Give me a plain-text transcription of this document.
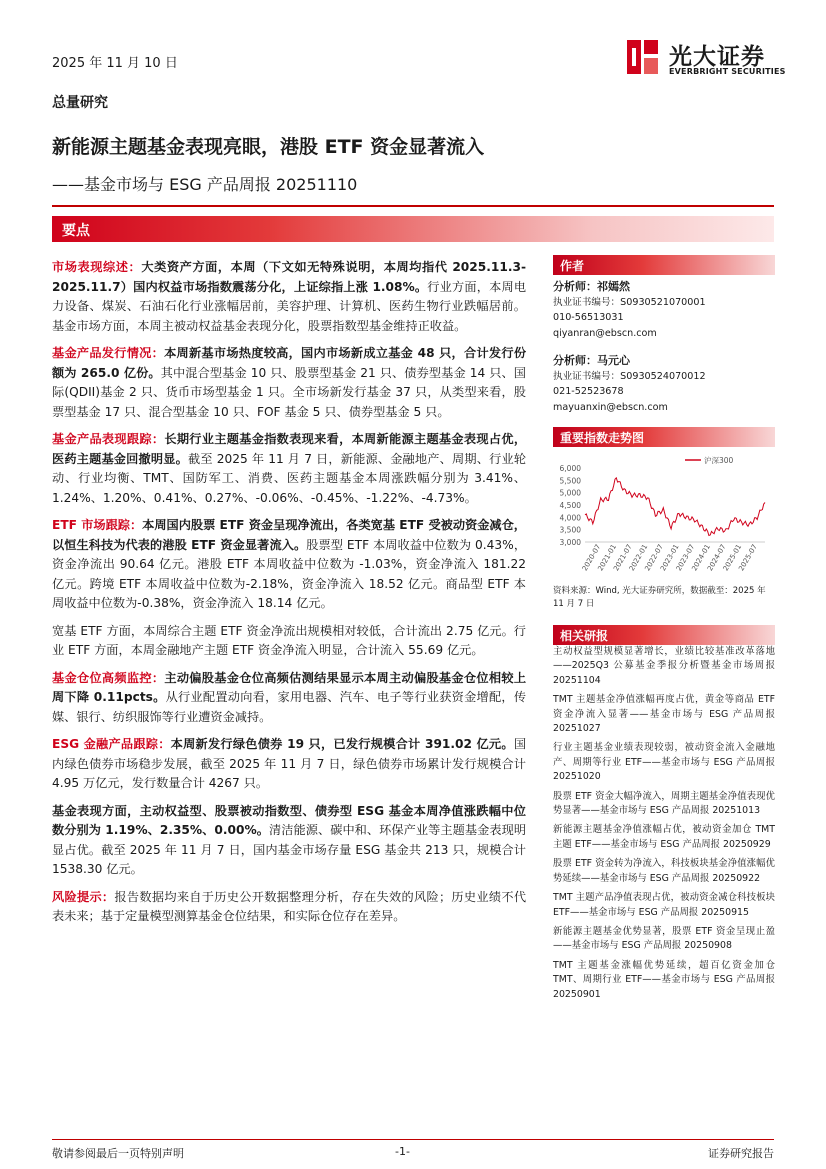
2025 年 11 月 10 日	光大证券
EVERBRIGHT SECURITIES
总量研究
新能源主题基金表现亮眼，港股 ETF 资金显著流入
——基金市场与 ESG 产品周报 20251110
要点

市场表现综述：大类资产方面，本周（下文如无特殊说明，本周均指代 2025.11.3-2025.11.7）国内权益市场指数震荡分化，上证综指上涨 1.08%。行业方面，本周电力设备、煤炭、石油石化行业涨幅居前，美容护理、计算机、医药生物行业跌幅居前。基金市场方面，本周主被动权益基金表现分化，股票指数型基金维持正收益。

基金产品发行情况：本周新基市场热度较高，国内市场新成立基金 48 只，合计发行份额为 265.0 亿份。其中混合型基金 10 只、股票型基金 21 只、债券型基金 14 只、国际(QDII)基金 2 只、货币市场型基金 1 只。全市场新发行基金 37 只，从类型来看，股票型基金 17 只、混合型基金 10 只、FOF 基金 5 只、债券型基金 5 只。

基金产品表现跟踪：长期行业主题基金指数表现来看，本周新能源主题基金表现占优，医药主题基金回撤明显。截至 2025 年 11 月 7 日，新能源、金融地产、周期、行业轮动、行业均衡、TMT、国防军工、消费、医药主题基金本周涨跌幅分别为 3.41%、1.24%、1.20%、0.41%、0.27%、-0.06%、-0.45%、-1.22%、-4.73%。

ETF 市场跟踪：本周国内股票 ETF 资金呈现净流出，各类宽基 ETF 受被动资金减仓，以恒生科技为代表的港股 ETF 资金显著流入。股票型 ETF 本周收益中位数为 0.43%，资金净流出 90.64 亿元。港股 ETF 本周收益中位数为 -1.03%，资金净流入 181.22 亿元。跨境 ETF 本周收益中位数为-2.18%，资金净流入 18.52 亿元。商品型 ETF 本周收益中位数为-0.38%，资金净流入 18.14 亿元。

宽基 ETF 方面，本周综合主题 ETF 资金净流出规模相对较低，合计流出 2.75 亿元。行业 ETF 方面，本周金融地产主题 ETF 资金净流入明显，合计流入 55.69 亿元。

基金仓位高频监控：主动偏股基金仓位高频估测结果显示本周主动偏股基金仓位相较上周下降 0.11pcts。从行业配置动向看，家用电器、汽车、电子等行业获资金增配，传媒、银行、纺织服饰等行业遭资金减持。

ESG 金融产品跟踪：本周新发行绿色债券 19 只，已发行规模合计 391.02 亿元。国内绿色债券市场稳步发展，截至 2025 年 11 月 7 日，绿色债券市场累计发行规模合计 4.95 万亿元，发行数量合计 4267 只。

基金表现方面，主动权益型、股票被动指数型、债券型 ESG 基金本周净值涨跌幅中位数分别为 1.19%、2.35%、0.00%。清洁能源、碳中和、环保产业等主题基金表现明显占优。截至 2025 年 11 月 7 日，国内基金市场存量 ESG 基金共 213 只，规模合计 1538.30 亿元。

风险提示：报告数据均来自于历史公开数据整理分析，存在失效的风险；历史业绩不代表未来；基于定量模型测算基金仓位结果，和实际仓位存在差异。

作者
分析师：祁嫣然
执业证书编号：S0930521070001
010-56513031
qiyanran@ebscn.com
分析师：马元心
执业证书编号：S0930524070012
021-52523678
mayuanxin@ebscn.com
重要指数走势图
3,000
3,500
4,000
4,500
5,000
5,500
6,000
2020-07
2021-01
2021-07
2022-01
2022-07
2023-01
2023-07
2024-01
2024-07
2025-01
2025-07
沪深300
资料来源：Wind, 光大证券研究所，数据截至：2025 年 11 月 7 日
相关研报
主动权益型规模显著增长，业绩比较基准改革落地——2025Q3 公募基金季报分析暨基金市场周报 20251104
TMT 主题基金净值涨幅再度占优，黄金等商品 ETF 资金净流入显著——基金市场与 ESG 产品周报 20251027
行业主题基金业绩表现较弱，被动资金流入金融地产、周期等行业 ETF——基金市场与 ESG 产品周报 20251020
股票 ETF 资金大幅净流入，周期主题基金净值表现优势显著——基金市场与 ESG 产品周报 20251013
新能源主题基金净值涨幅占优，被动资金加仓 TMT 主题 ETF——基金市场与 ESG 产品周报 20250929
股票 ETF 资金转为净流入，科技板块基金净值涨幅优势延续——基金市场与 ESG 产品周报 20250922
TMT 主题产品净值表现占优，被动资金减仓科技板块 ETF——基金市场与 ESG 产品周报 20250915
新能源主题基金优势显著，股票 ETF 资金呈现止盈——基金市场与 ESG 产品周报 20250908
TMT 主题基金涨幅优势延续，超百亿资金加仓 TMT、周期行业 ETF——基金市场与 ESG 产品周报 20250901
敬请参阅最后一页特别声明	-1-	证券研究报告
